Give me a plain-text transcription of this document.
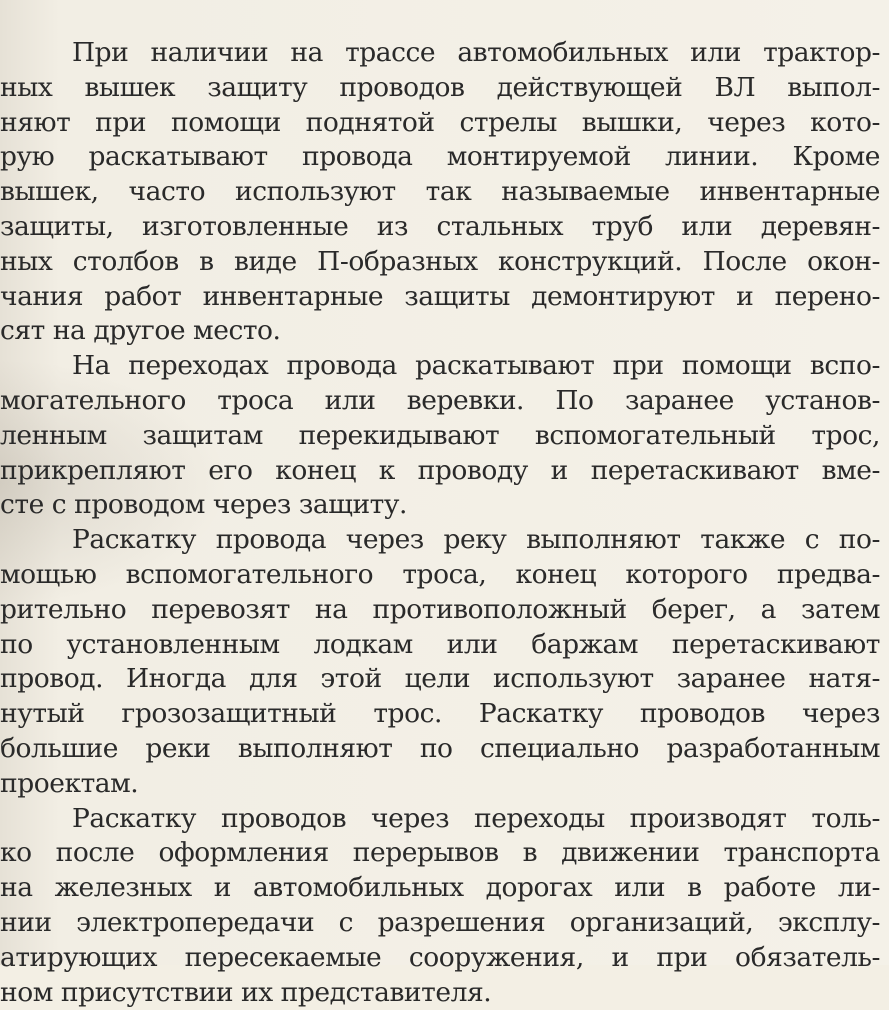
При наличии на трассе автомобильных или трактор-
ных вышек защиту проводов действующей ВЛ выпол-
няют при помощи поднятой стрелы вышки, через кото-
рую раскатывают провода монтируемой линии. Кроме
вышек, часто используют так называемые инвентарные
защиты, изготовленные из стальных труб или деревян-
ных столбов в виде П-образных конструкций. После окон-
чания работ инвентарные защиты демонтируют и перено-
сят на другое место.
На переходах провода раскатывают при помощи вспо-
могательного троса или веревки. По заранее установ-
ленным защитам перекидывают вспомогательный трос,
прикрепляют его конец к проводу и перетаскивают вме-
сте с проводом через защиту.
Раскатку провода через реку выполняют также с по-
мощью вспомогательного троса, конец которого предва-
рительно перевозят на противоположный берег, а затем
по установленным лодкам или баржам перетаскивают
провод. Иногда для этой цели используют заранее натя-
нутый грозозащитный трос. Раскатку проводов через
большие реки выполняют по специально разработанным
проектам.
Раскатку проводов через переходы производят толь-
ко после оформления перерывов в движении транспорта
на железных и автомобильных дорогах или в работе ли-
нии электропередачи с разрешения организаций, эксплу-
атирующих пересекаемые сооружения, и при обязатель-
ном присутствии их представителя.
